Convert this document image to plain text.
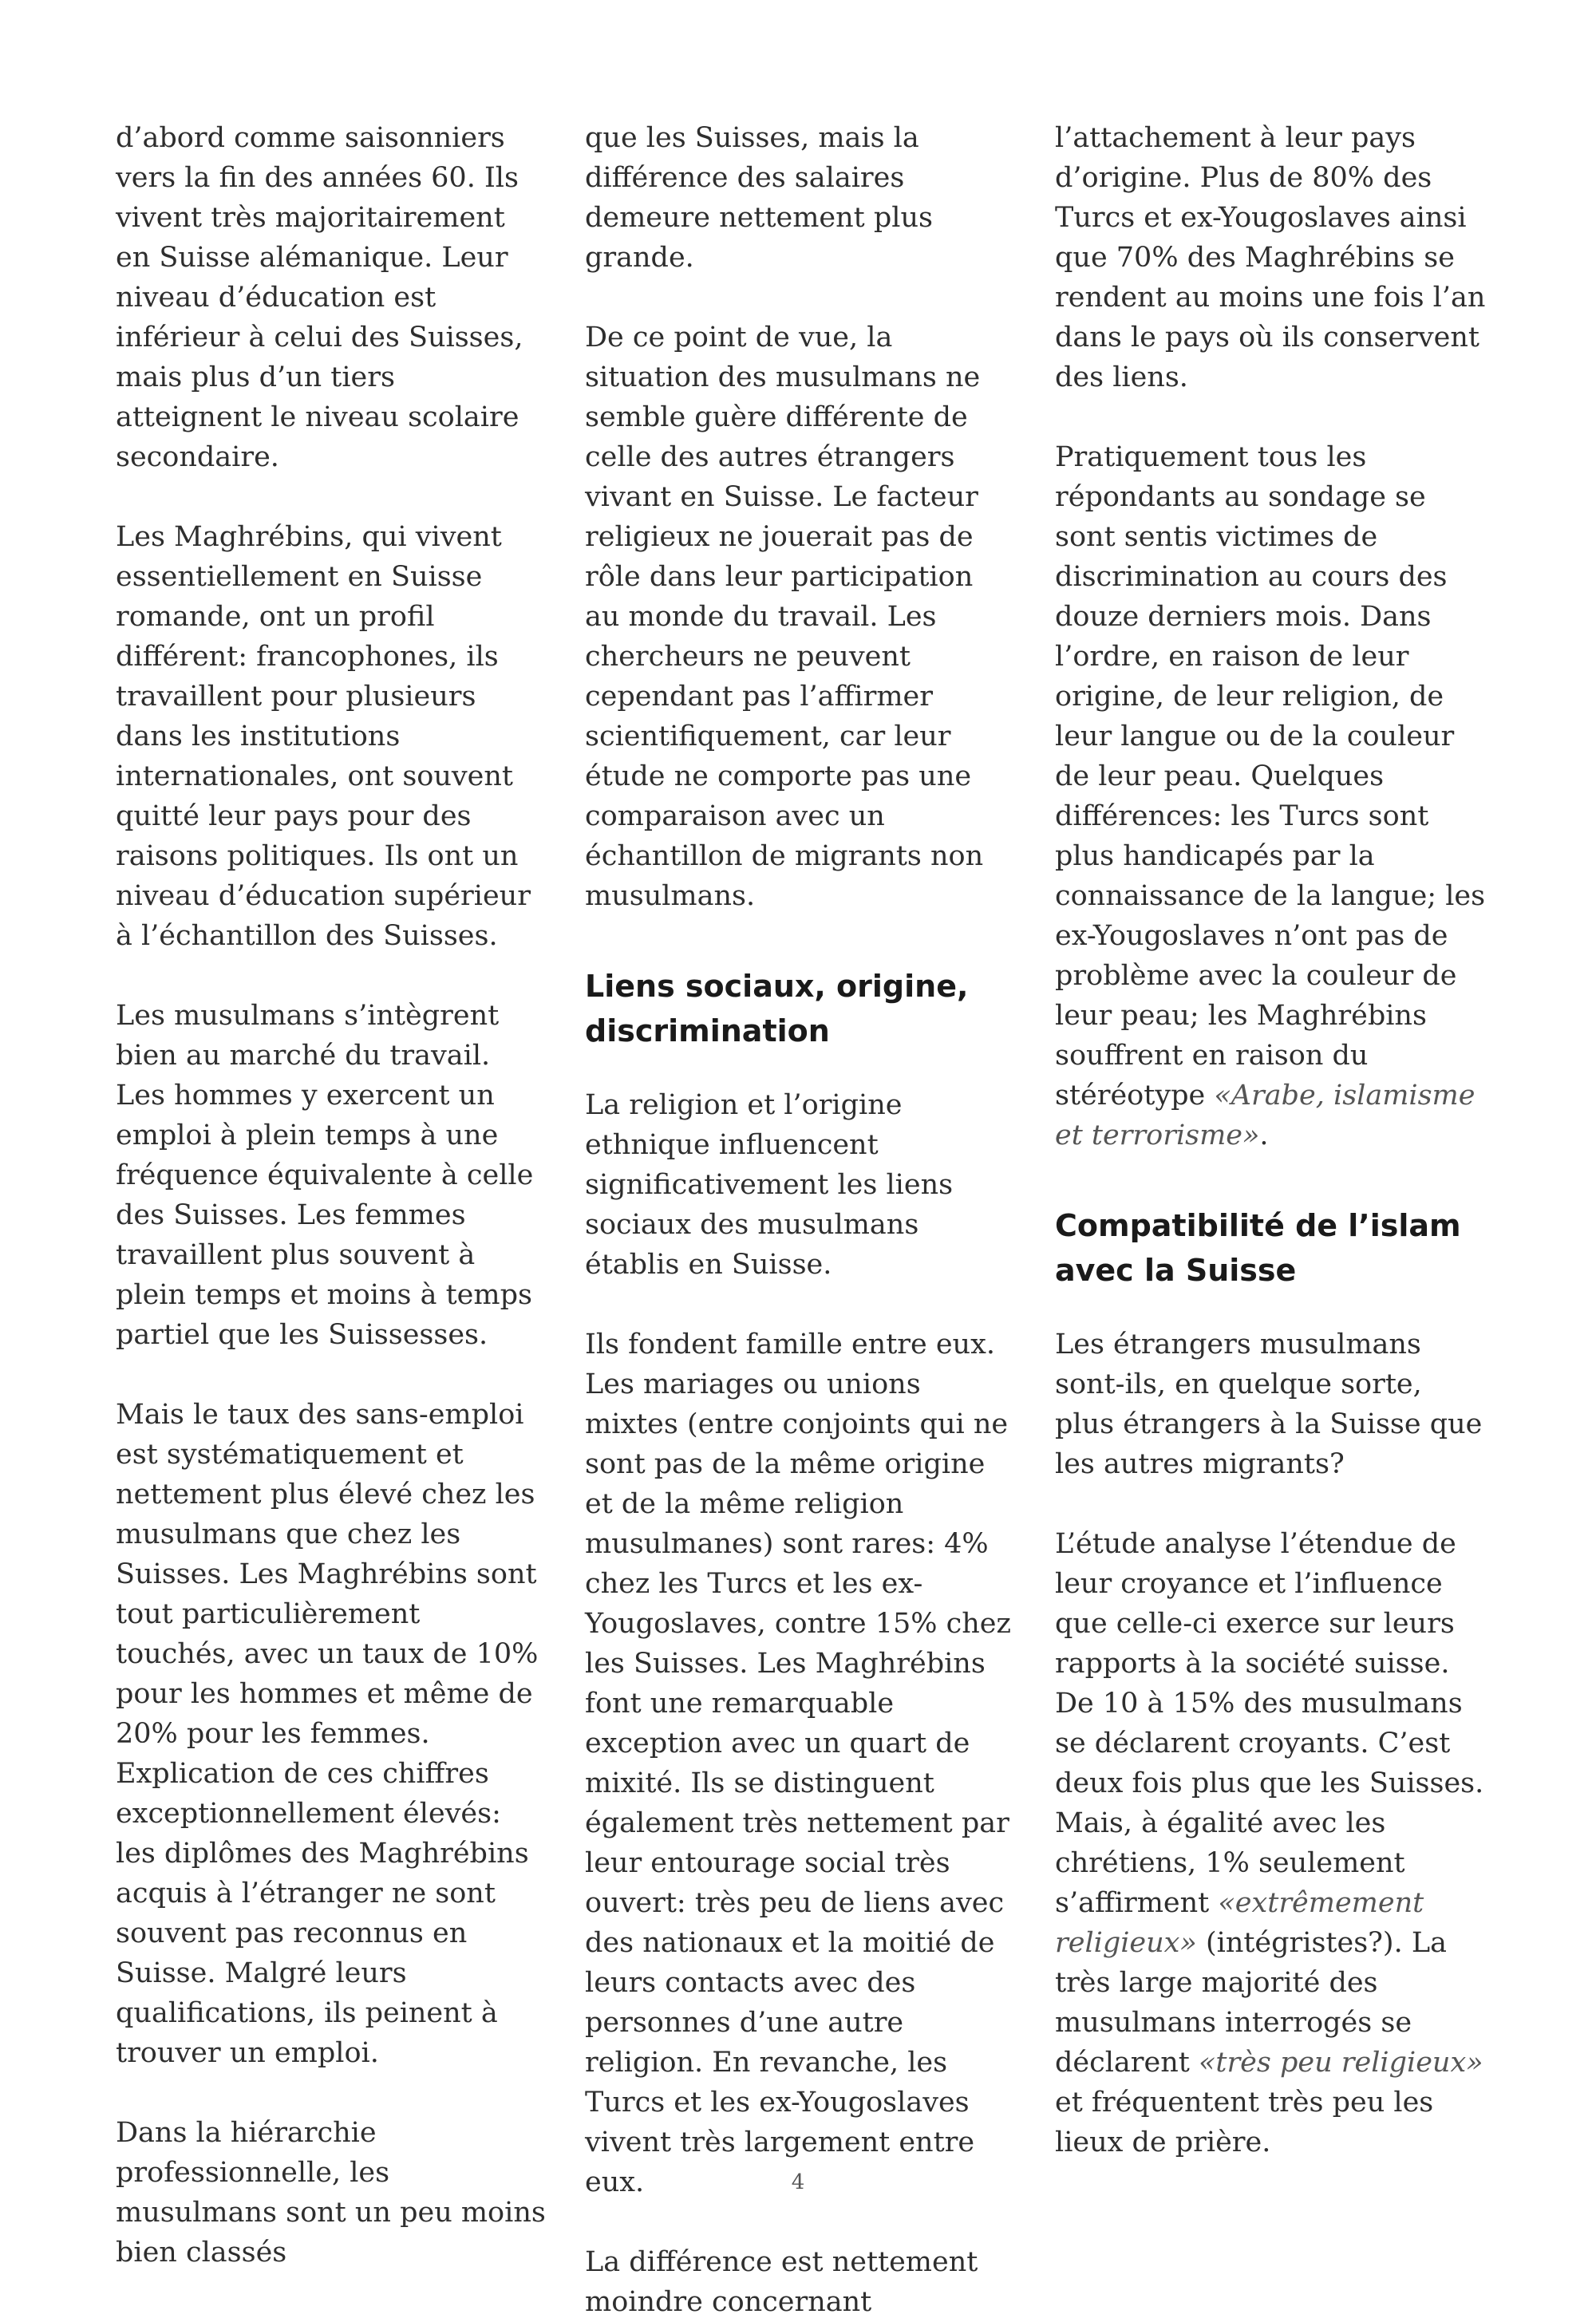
d’abord comme saisonniers vers la fin des années 60. Ils vivent très majoritairement en Suisse alémanique. Leur niveau d’éducation est inférieur à celui des Suisses, mais plus d’un tiers atteignent le niveau scolaire secondaire.

Les Maghrébins, qui vivent essentiellement en Suisse romande, ont un profil différent: francophones, ils travaillent pour plusieurs dans les institutions internationales, ont souvent quitté leur pays pour des raisons politiques. Ils ont un niveau d’éducation supérieur à l’échantillon des Suisses.

Les musulmans s’intègrent bien au marché du travail. Les hommes y exercent un emploi à plein temps à une fréquence équivalente à celle des Suisses. Les femmes travaillent plus souvent à plein temps et moins à temps partiel que les Suissesses.

Mais le taux des sans-emploi est systématiquement et nettement plus élevé chez les musulmans que chez les Suisses. Les Maghrébins sont tout particulièrement touchés, avec un taux de 10% pour les hommes et même de 20% pour les femmes. Explication de ces chiffres exceptionnellement élevés: les diplômes des Maghrébins acquis à l’étranger ne sont souvent pas reconnus en Suisse. Malgré leurs qualifications, ils peinent à trouver un emploi.

Dans la hiérarchie professionnelle, les musulmans sont un peu moins bien classés

que les Suisses, mais la différence des salaires demeure nettement plus grande.

De ce point de vue, la situation des musulmans ne semble guère différente de celle des autres étrangers vivant en Suisse. Le facteur religieux ne jouerait pas de rôle dans leur participation au monde du travail. Les chercheurs ne peuvent cependant pas l’affirmer scientifiquement, car leur étude ne comporte pas une comparaison avec un échantillon de migrants non musulmans.

Liens sociaux, origine, discrimination

La religion et l’origine ethnique influencent significativement les liens sociaux des musulmans établis en Suisse.

Ils fondent famille entre eux. Les mariages ou unions mixtes (entre conjoints qui ne sont pas de la même origine et de la même religion musulmanes) sont rares: 4% chez les Turcs et les ex-Yougoslaves, contre 15% chez les Suisses. Les Maghrébins font une remarquable exception avec un quart de mixité. Ils se distinguent également très nettement par leur entourage social très ouvert: très peu de liens avec des nationaux et la moitié de leurs contacts avec des personnes d’une autre religion. En revanche, les Turcs et les ex-Yougoslaves vivent très largement entre eux.

La différence est nettement moindre concernant

l’attachement à leur pays d’origine. Plus de 80% des Turcs et ex-Yougoslaves ainsi que 70% des Maghrébins se rendent au moins une fois l’an dans le pays où ils conservent des liens.

Pratiquement tous les répondants au sondage se sont sentis victimes de discrimination au cours des douze derniers mois. Dans l’ordre, en raison de leur origine, de leur religion, de leur langue ou de la couleur de leur peau. Quelques différences: les Turcs sont plus handicapés par la connaissance de la langue; les ex-Yougoslaves n’ont pas de problème avec la couleur de leur peau; les Maghrébins souffrent en raison du stéréotype «Arabe, islamisme et terrorisme».

Compatibilité de l’islam avec la Suisse

Les étrangers musulmans sont-ils, en quelque sorte, plus étrangers à la Suisse que les autres migrants?

L’étude analyse l’étendue de leur croyance et l’influence que celle-ci exerce sur leurs rapports à la société suisse. De 10 à 15% des musulmans se déclarent croyants. C’est deux fois plus que les Suisses. Mais, à égalité avec les chrétiens, 1% seulement s’affirment «extrêmement religieux» (intégristes?). La très large majorité des musulmans interrogés se déclarent «très peu religieux» et fréquentent très peu les lieux de prière.

4
